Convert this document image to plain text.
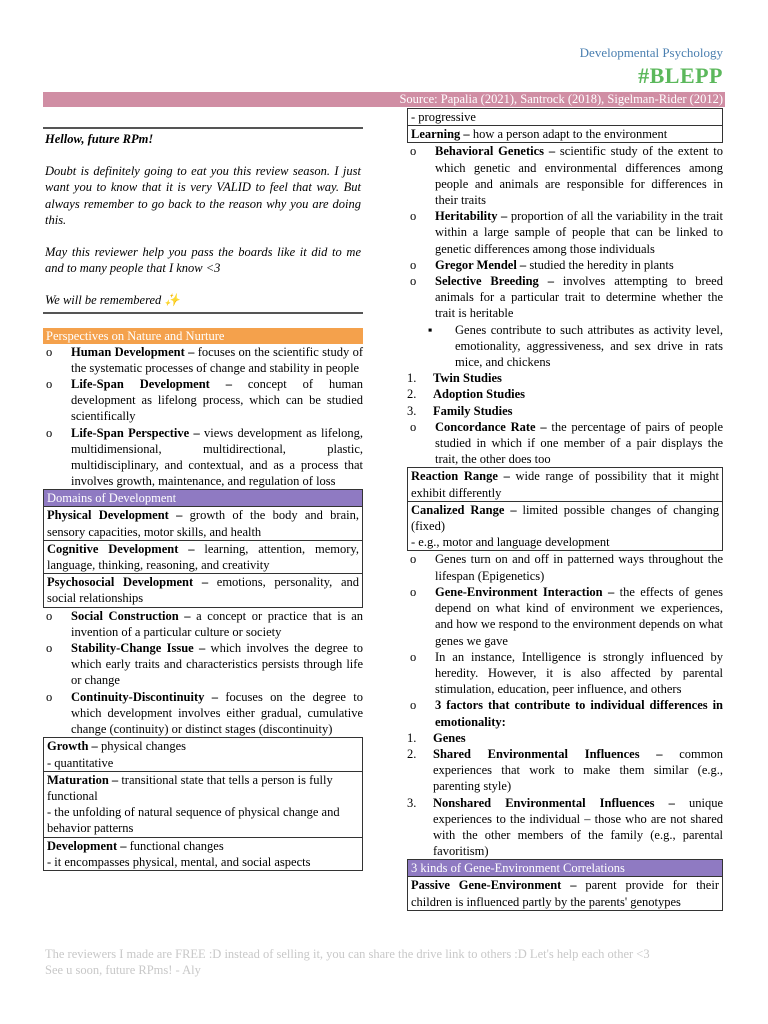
Developmental Psychology
#BLEPP
Source: Papalia (2021), Santrock (2018), Sigelman-Rider (2012)

Hellow, future RPm!

Doubt is definitely going to eat you this review season. I just want you to know that it is very VALID to feel that way. But always remember to go back to the reason why you are doing this.

May this reviewer help you pass the boards like it did to me and to many people that I know <3

We will be remembered ✨

Perspectives on Nature and Nurture
o Human Development – focuses on the scientific study of the systematic processes of change and stability in people
o Life-Span Development – concept of human development as lifelong process, which can be studied scientifically
o Life-Span Perspective – views development as lifelong, multidimensional, multidirectional, plastic, multidisciplinary, and contextual, and as a process that involves growth, maintenance, and regulation of loss
Domains of Development
Physical Development – growth of the body and brain, sensory capacities, motor skills, and health
Cognitive Development – learning, attention, memory, language, thinking, reasoning, and creativity
Psychosocial Development – emotions, personality, and social relationships
o Social Construction – a concept or practice that is an invention of a particular culture or society
o Stability-Change Issue – which involves the degree to which early traits and characteristics persists through life or change
o Continuity-Discontinuity – focuses on the degree to which development involves either gradual, cumulative change (continuity) or distinct stages (discontinuity)
Growth – physical changes
- quantitative
Maturation – transitional state that tells a person is fully functional
- the unfolding of natural sequence of physical change and behavior patterns
Development – functional changes
- it encompasses physical, mental, and social aspects
- progressive
Learning – how a person adapt to the environment
o Behavioral Genetics – scientific study of the extent to which genetic and environmental differences among people and animals are responsible for differences in their traits
o Heritability – proportion of all the variability in the trait within a large sample of people that can be linked to genetic differences among those individuals
o Gregor Mendel – studied the heredity in plants
o Selective Breeding – involves attempting to breed animals for a particular trait to determine whether the trait is heritable
▪ Genes contribute to such attributes as activity level, emotionality, aggressiveness, and sex drive in rats mice, and chickens
1. Twin Studies
2. Adoption Studies
3. Family Studies
o Concordance Rate – the percentage of pairs of people studied in which if one member of a pair displays the trait, the other does too
Reaction Range – wide range of possibility that it might exhibit differently
Canalized Range – limited possible changes of changing (fixed)
- e.g., motor and language development
o Genes turn on and off in patterned ways throughout the lifespan (Epigenetics)
o Gene-Environment Interaction – the effects of genes depend on what kind of environment we experiences, and how we respond to the environment depends on what genes we gave
o In an instance, Intelligence is strongly influenced by heredity. However, it is also affected by parental stimulation, education, peer influence, and others
o 3 factors that contribute to individual differences in emotionality:
1. Genes
2. Shared Environmental Influences – common experiences that work to make them similar (e.g., parenting style)
3. Nonshared Environmental Influences – unique experiences to the individual – those who are not shared with the other members of the family (e.g., parental favoritism)
3 kinds of Gene-Environment Correlations
Passive Gene-Environment – parent provide for their children is influenced partly by the parents' genotypes
The reviewers I made are FREE :D instead of selling it, you can share the drive link to others :D Let's help each other <3
See u soon, future RPms! - Aly
